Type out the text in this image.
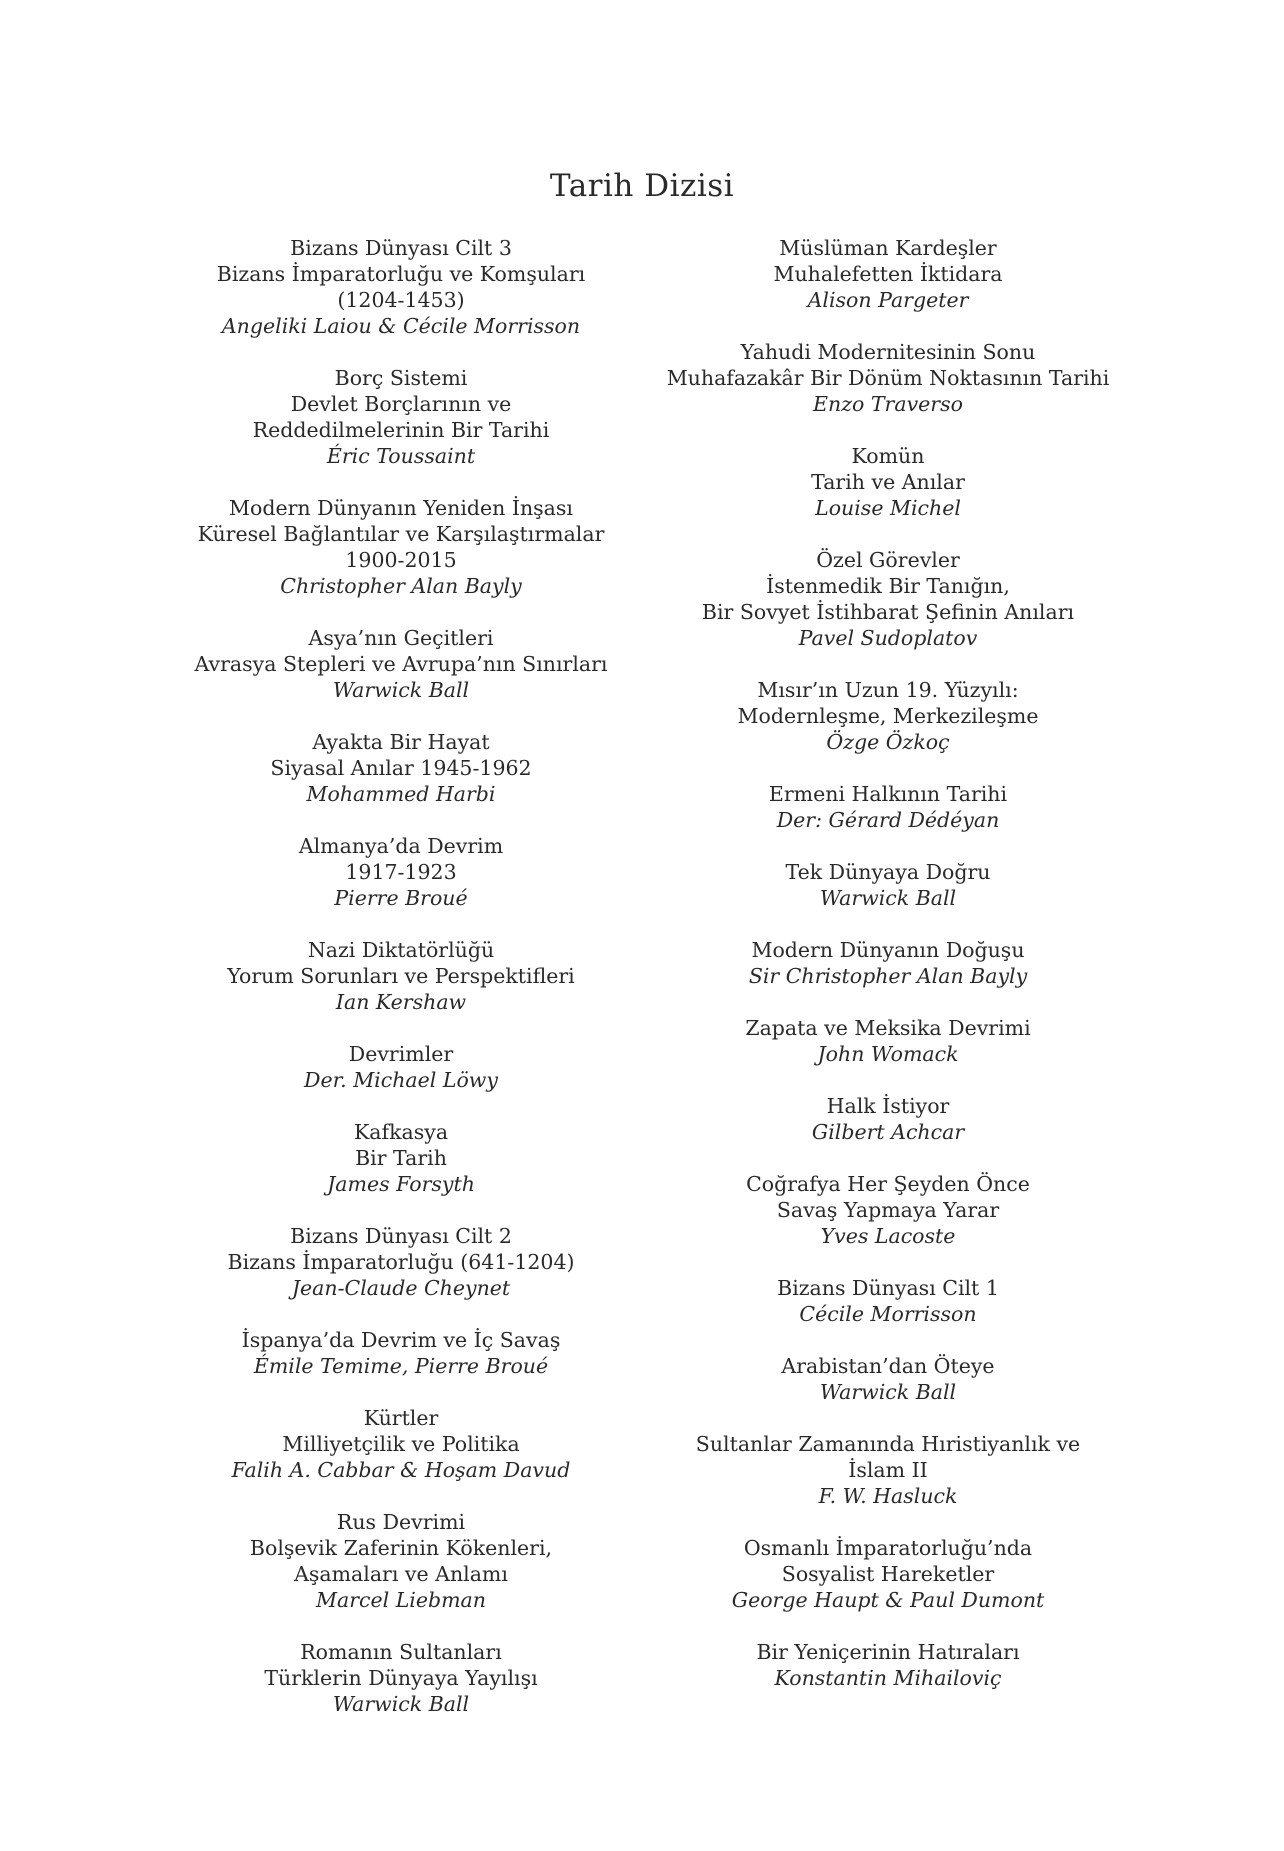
Tarih Dizisi
Bizans Dünyası Cilt 3
Bizans İmparatorluğu ve Komşuları
(1204-1453)
Angeliki Laiou & Cécile Morrisson
Borç Sistemi
Devlet Borçlarının ve
Reddedilmelerinin Bir Tarihi
Éric Toussaint
Modern Dünyanın Yeniden İnşası
Küresel Bağlantılar ve Karşılaştırmalar
1900-2015
Christopher Alan Bayly
Asya’nın Geçitleri
Avrasya Stepleri ve Avrupa’nın Sınırları
Warwick Ball
Ayakta Bir Hayat
Siyasal Anılar 1945-1962
Mohammed Harbi
Almanya’da Devrim
1917-1923
Pierre Broué
Nazi Diktatörlüğü
Yorum Sorunları ve Perspektifleri
Ian Kershaw
Devrimler
Der. Michael Löwy
Kafkasya
Bir Tarih
James Forsyth
Bizans Dünyası Cilt 2
Bizans İmparatorluğu (641-1204)
Jean-Claude Cheynet
İspanya’da Devrim ve İç Savaş
Émile Temime, Pierre Broué
Kürtler
Milliyetçilik ve Politika
Falih A. Cabbar & Hoşam Davud
Rus Devrimi
Bolşevik Zaferinin Kökenleri,
Aşamaları ve Anlamı
Marcel Liebman
Romanın Sultanları
Türklerin Dünyaya Yayılışı
Warwick Ball
Müslüman Kardeşler
Muhalefetten İktidara
Alison Pargeter
Yahudi Modernitesinin Sonu
Muhafazakâr Bir Dönüm Noktasının Tarihi
Enzo Traverso
Komün
Tarih ve Anılar
Louise Michel
Özel Görevler
İstenmedik Bir Tanığın,
Bir Sovyet İstihbarat Şefinin Anıları
Pavel Sudoplatov
Mısır’ın Uzun 19. Yüzyılı:
Modernleşme, Merkezileşme
Özge Özkoç
Ermeni Halkının Tarihi
Der: Gérard Dédéyan
Tek Dünyaya Doğru
Warwick Ball
Modern Dünyanın Doğuşu
Sir Christopher Alan Bayly
Zapata ve Meksika Devrimi
John Womack
Halk İstiyor
Gilbert Achcar
Coğrafya Her Şeyden Önce
Savaş Yapmaya Yarar
Yves Lacoste
Bizans Dünyası Cilt 1
Cécile Morrisson
Arabistan’dan Öteye
Warwick Ball
Sultanlar Zamanında Hıristiyanlık ve
İslam II
F. W. Hasluck
Osmanlı İmparatorluğu’nda
Sosyalist Hareketler
George Haupt & Paul Dumont
Bir Yeniçerinin Hatıraları
Konstantin Mihailoviç
